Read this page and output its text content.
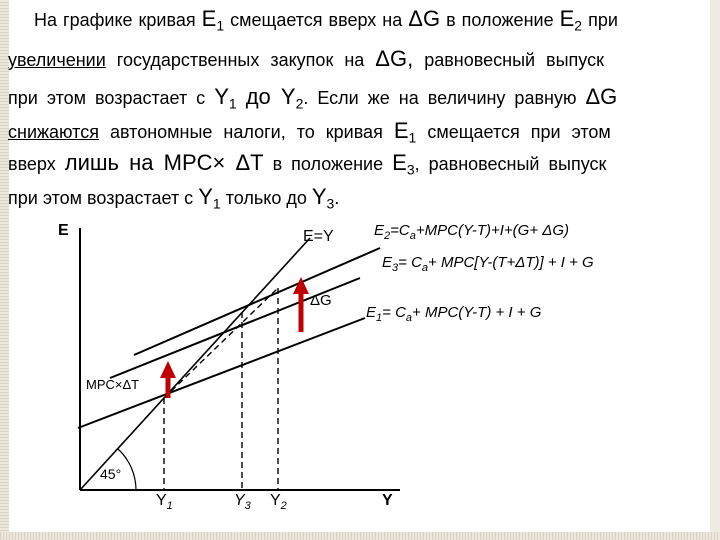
На графике кривая $E_1$ смещается вверх на ΔG в положение $E_2$ при
увеличении государственных закупок на ΔG, равновесный выпуск
при этом возрастает с $Y_1$ до $Y_2$. Если же на величину равную ΔG
снижаются автономные налоги, то кривая $E_1$ смещается при этом
вверх лишь на MPC× ΔT в положение $E_3$, равновесный выпуск
при этом возрастает с $Y_1$ только до $Y_3$.
E
Y
E=Y
45°
$E_2=C_a+MPC(Y-T)+I+(G+ \Delta G)$
$E_3= C_a+ MPC[Y-(T+\Delta T)] + I + G$
$E_1= C_a+ MPC(Y-T) + I + G$
ΔG
MPC×ΔT
$Y_1$	$Y_3$ $Y_2$
